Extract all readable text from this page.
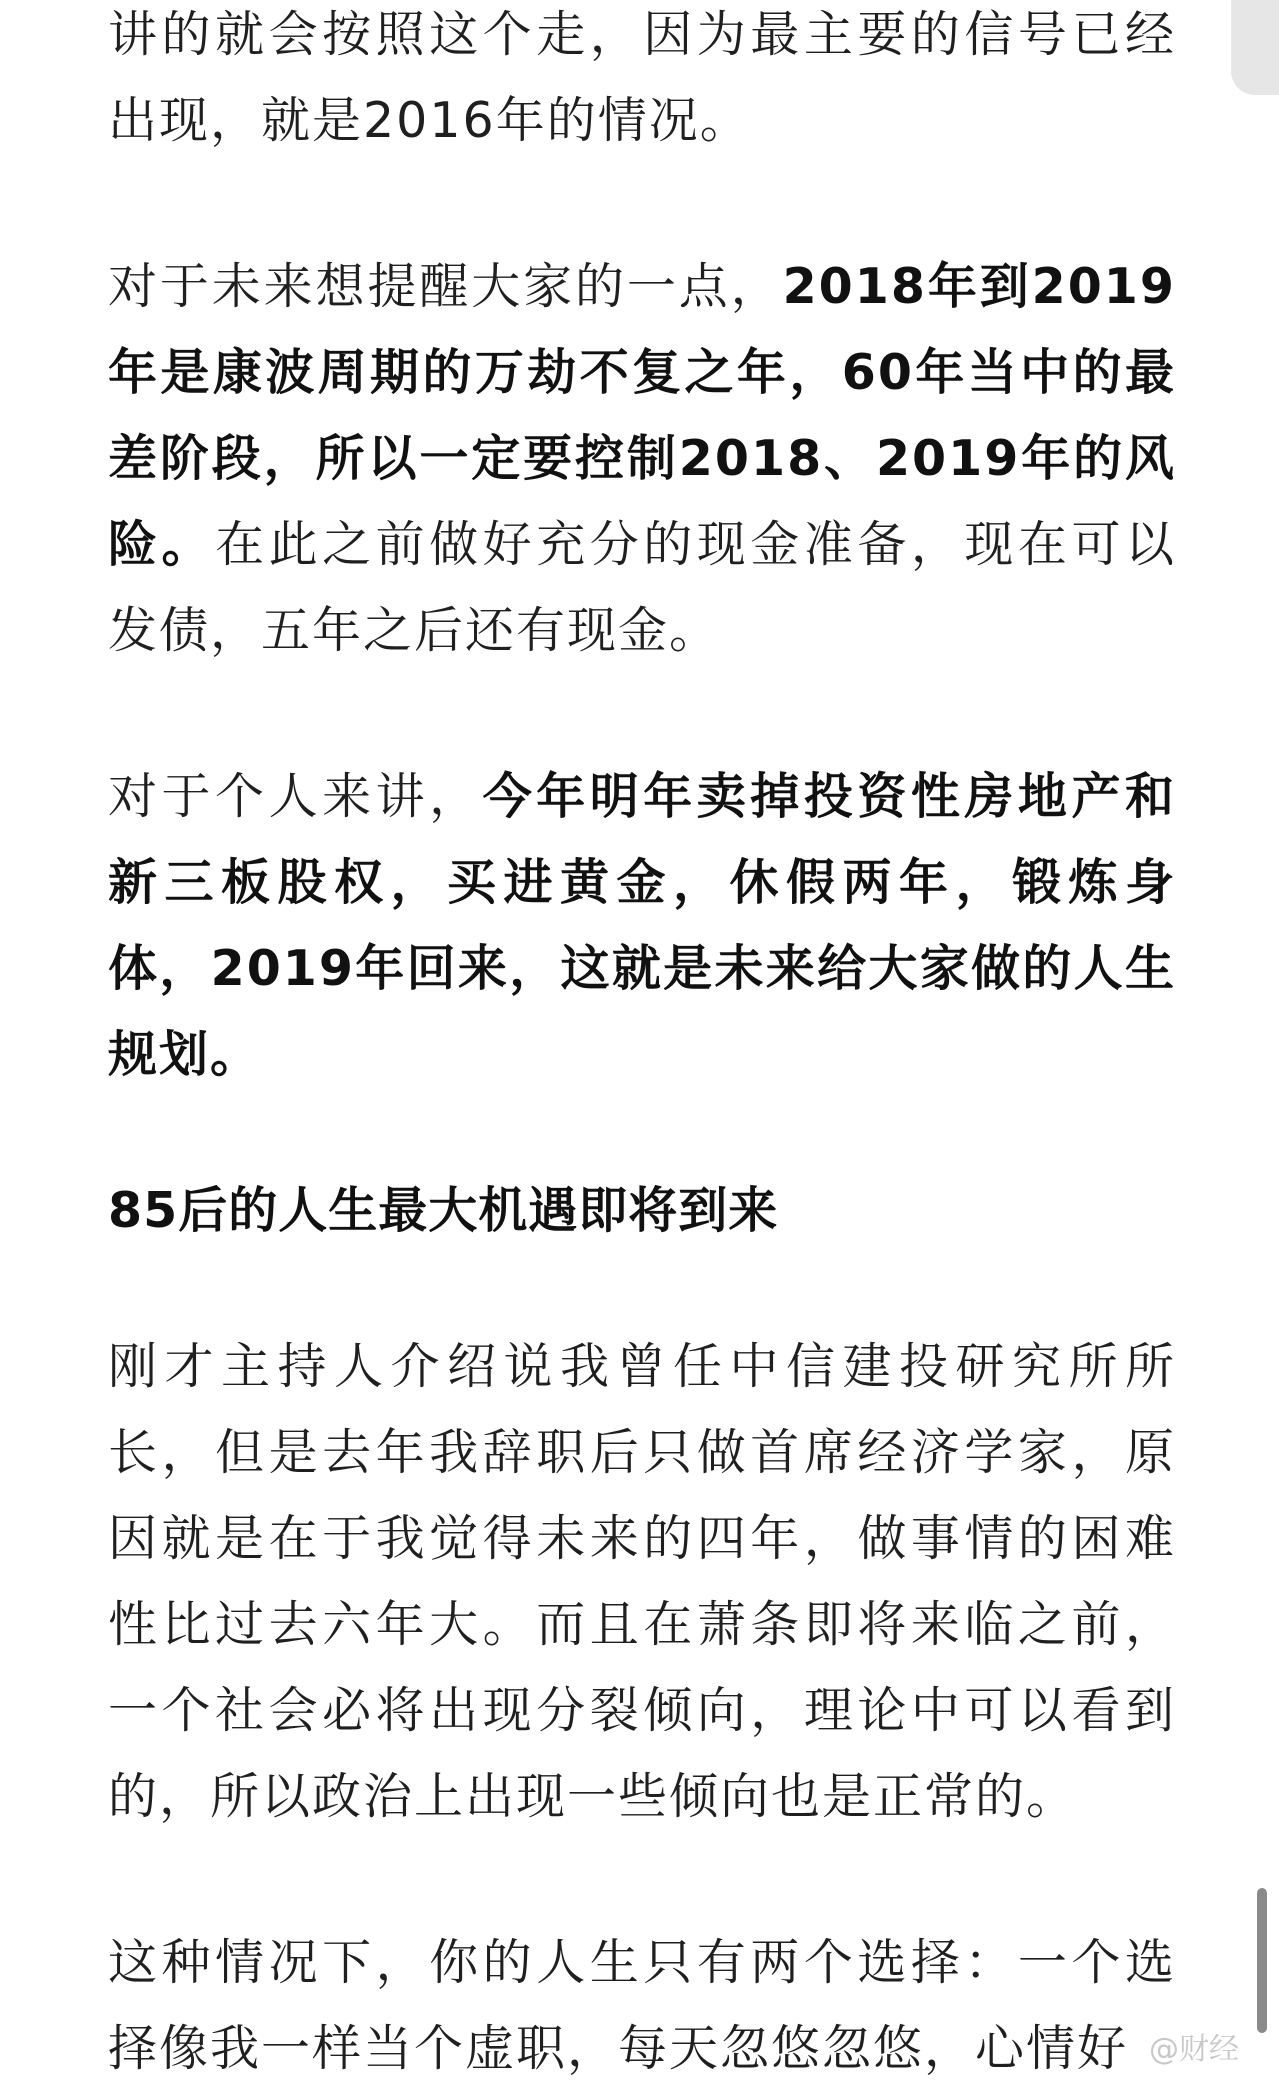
讲的就会按照这个走，因为最主要的信号已经出现，就是2016年的情况。

对于未来想提醒大家的一点，2018年到2019年是康波周期的万劫不复之年，60年当中的最差阶段，所以一定要控制2018、2019年的风险。在此之前做好充分的现金准备，现在可以发债，五年之后还有现金。

对于个人来讲，今年明年卖掉投资性房地产和新三板股权，买进黄金，休假两年，锻炼身体，2019年回来，这就是未来给大家做的人生规划。

85后的人生最大机遇即将到来

刚才主持人介绍说我曾任中信建投研究所所长，但是去年我辞职后只做首席经济学家，原因就是在于我觉得未来的四年，做事情的困难性比过去六年大。而且在萧条即将来临之前，一个社会必将出现分裂倾向，理论中可以看到的，所以政治上出现一些倾向也是正常的。

这种情况下，你的人生只有两个选择：一个选择像我一样当个虚职，每天忽悠忽悠，心情好 @财经
